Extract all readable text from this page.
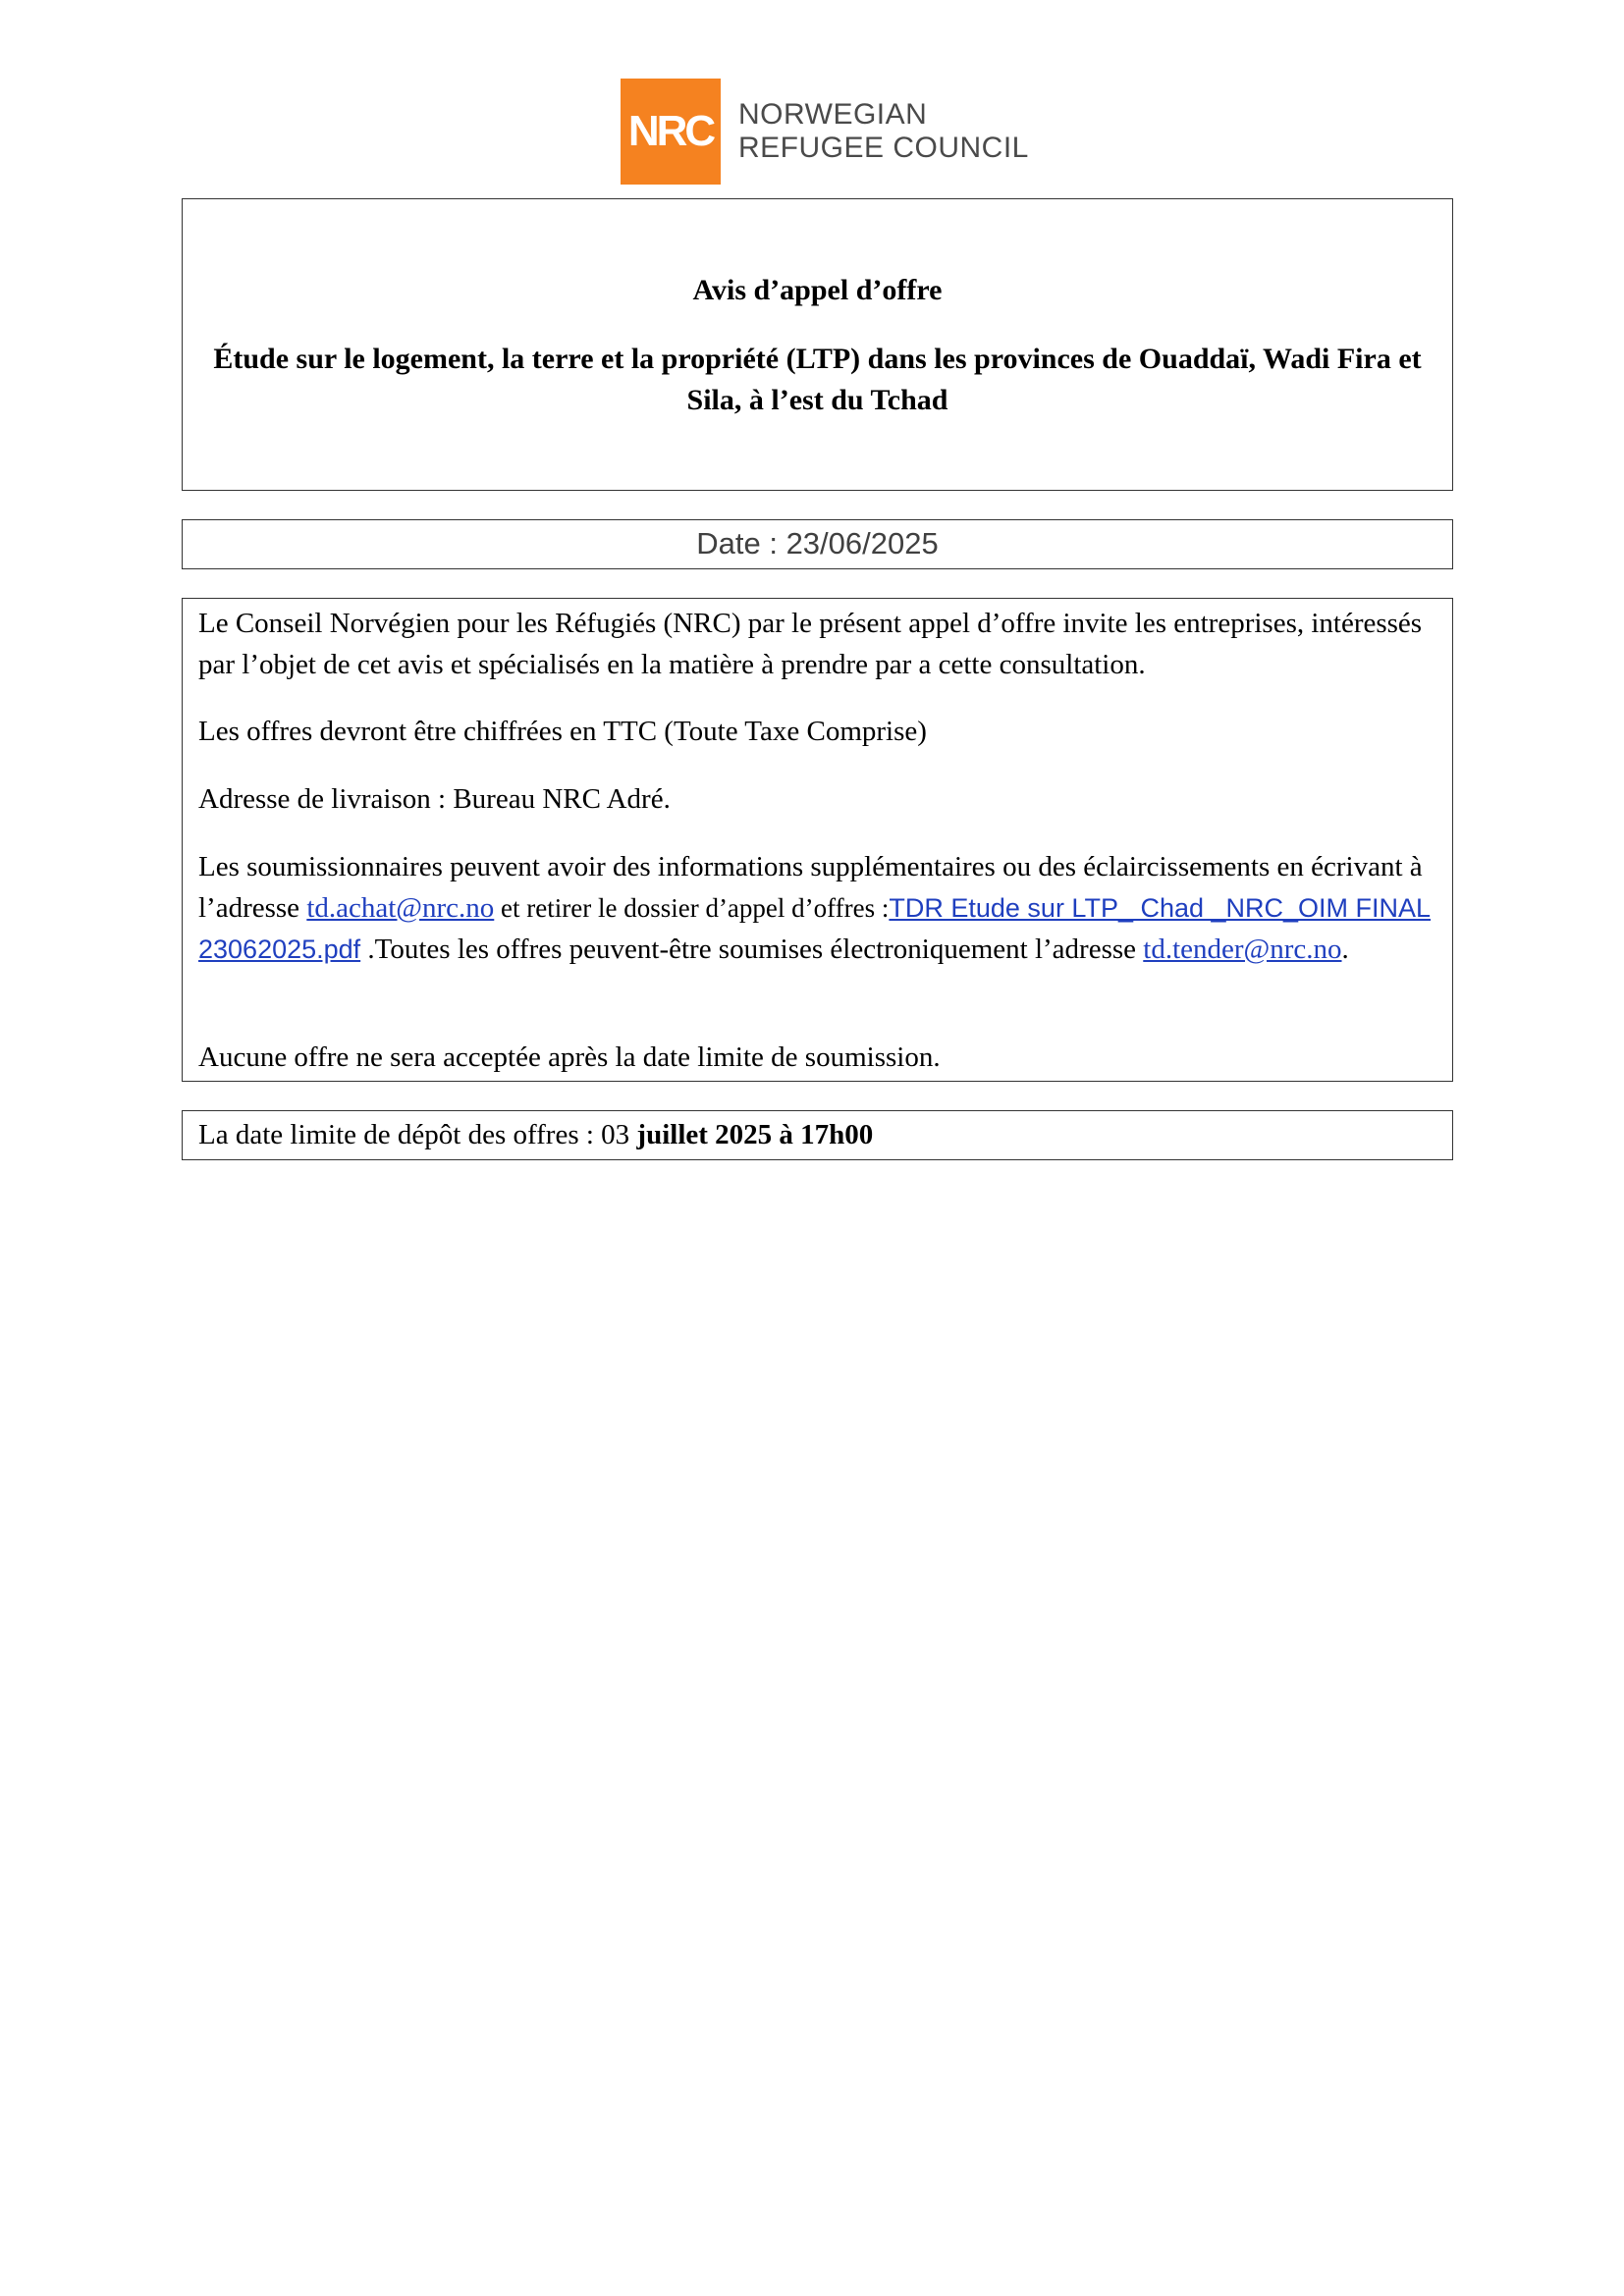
NRC NORWEGIAN
REFUGEE COUNCIL
Avis d’appel d’offre
Étude sur le logement, la terre et la propriété (LTP) dans les provinces de Ouaddaï, Wadi Fira et Sila, à l’est du Tchad
Date : 23/06/2025

Le Conseil Norvégien pour les Réfugiés (NRC) par le présent appel d’offre invite les entreprises, intéressés par l’objet de cet avis et spécialisés en la matière à prendre par a cette consultation.

Les offres devront être chiffrées en TTC (Toute Taxe Comprise)

Adresse de livraison : Bureau NRC Adré.

Les soumissionnaires peuvent avoir des informations supplémentaires ou des éclaircissements en écrivant à l’adresse td.achat@nrc.no et retirer le dossier d’appel d’offres :TDR Etude sur LTP_ Chad _NRC_OIM FINAL 23062025.pdf .Toutes les offres peuvent-être soumises électroniquement l’adresse td.tender@nrc.no.

Aucune offre ne sera acceptée après la date limite de soumission.

La date limite de dépôt des offres : 03 juillet 2025 à 17h00
